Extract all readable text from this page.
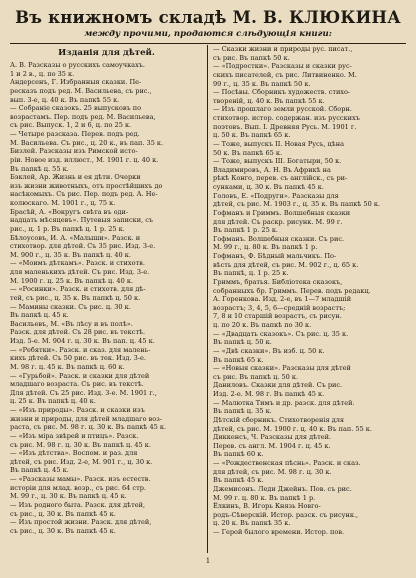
Въ книжномъ складѣ М. В. КЛЮКИНА
между прочими, продаются слѣдующія книги:
Изданія для дѣтей.
А. В. Разсказы о русскихъ самоучкахъ.
1 и 2 в., ц. по 35 к.
Андерсенъ, Г. Избранныя сказки. Пе-
ресказъ подъ ред. М. Васильева, съ рис.,
вып. 3-е, ц. 40 к. Въ папкѣ 55 к.
— Собраніе сказокъ. 25 выпусковъ по
возрастамъ. Пер. подъ ред. М. Васильева,
съ рис. Выпуск. 1, 2 и 6, ц. по 25 к.
— Четыре разсказа. Перев. подъ ред.
М. Васильева. Съ рис., ц. 20 к., въ пап. 35 к.
Бизлей. Разсказы изъ Римской исто-
ріи. Новое изд. иллюст., М. 1901 г. ц. 40 к.
Въ папкѣ ц. 55 к.
Бэклей, Ар. Жизнь и ея дѣти. Очерки
изъ жизни животныхъ, отъ простѣйшихъ до
насѣкомыхъ. Съ рис. Пер. подъ ред. А. Не-
колюскаго. М. 1901 г., ц. 75 к.
Брасѣй, А. «Вокругъ свѣта въ оди-
надцать мѣсяцевъ». Путевыя записки, съ
рис., ц. 1 р. Въ папкѣ ц. 1 р. 25 к.
Бѣлоусовъ, И. А. «Малыши». Разск. и
стихотвор. для дѣтей. Съ 35 рис. Изд. 3-е.
М. 900 г., ц. 35 к. Въ папкѣ ц. 40 к.
— «Моимъ дѣткамъ». Разск. и стихотв.
для маленькихъ дѣтей. Съ рис. Изд. 3-е.
М. 1900 г. ц. 25 к. Въ папкѣ ц. 40 к.
— «Росинки». Разск. и стихотв. для дѣ-
тей, съ рис., ц. 35 к. Въ папкѣ ц. 50 к.
— Мамины сказки. Съ рис. ц. 30 к.
Въ папкѣ ц. 45 к.
Васильевъ, М. «Въ лѣсу и въ полѣ».
Разск. для дѣтей. Съ 28 рис. въ текстѣ.
Изд. 5-е. М. 904 г. ц. 30 к. Въ пап. ц. 45 к.
— «Ребятки». Разск. и сказ. для малень-
кихъ дѣтей. Съ 50 рис. въ тек. Изд. 3-е.
М. 98 г. ц. 45 к. Въ папкѣ ц. 60 к.
— «Гурьбой». Разск. и сказки для дѣтей
младшаго возраста. Съ рис. въ текстѣ.
Для дѣтей. Съ 25 рис. Изд. 3-е. М. 1901 г.,
ц. 25 к. Въ папкѣ ц. 40 к.
— «Изъ природы». Разск. и сказки изъ
жизни и природы, для дѣтей младшаго воз-
раста, съ рис. М. 98 г. ц. 30 к. Въ папкѣ 45 к.
— «Изъ міра звѣрей и птицъ». Разск.
съ рис. М. 98 г. ц. 30 к. Въ папкѣ ц. 45 к.
— «Изъ дѣтства». Воспом. и раз. для
дѣтей, съ рис. Изд. 2-е, М. 901 г., ц. 30 к.
Въ папкѣ ц. 45 к.
— «Разсказы мамы». Разск. изъ естеств.
исторіи для млад. возр., съ рис. 64 стр.
М. 99 г., ц. 30 к. Въ папкѣ ц. 45 к.
— Изъ родного быта. Разск. для дѣтей,
съ рис., ц. 30 к. Въ папкѣ 45 к.
— Изъ простой жизни. Разск. для дѣтей,
съ рис., ц. 30 к. Въ папкѣ 45 к.
— Сказки жизни и природы рус. писат.,
съ рис. Въ папкѣ 50 к.
— «Подростки». Разсказы и сказки рус-
скихъ писателей, съ рис. Литвиненко. М.
99 г., ц. 35 к. Въ папкѣ 50 к.
— Посѣвы. Сборникъ художеств. стихо-
твореній, ц. 40 к. Въ папкѣ 55 к.
— Изъ прошлаго земли русской. Сборн.
стихотвор. истор. содержан. изъ русскихъ
поэтовъ. Вып. I. Древняя Русь. М. 1901 г.
ц. 50 к. Въ папкѣ 65 к.
— Тоже, выпускъ II. Новая Русь, цѣна
50 к. Въ папкѣ 65 к.
— Тоже, выпускъ III. Богатыри, 50 к.
Владимировъ, А. Н. Въ Африкѣ на
рѣкѣ Конго, перев. съ англійск., съ ри-
сунками, ц. 30 к. Въ папкѣ 45 к.
Головъ, Е. «Подруги». Разсказы для
дѣтей, съ рис. М. 1903 г., ц. 35 к. Въ папкѣ 50 к.
Гофманъ и Гриммъ. Волшебныя сказки
для дѣтей. Съ раскр. рисунк. М. 99 г.
Въ папкѣ 1 р. 25 к.
Гофманъ. Волшебныя сказки. Съ рис.
М. 99 г., ц. 80 к. Въ папкѣ 1 р.
Гофманъ, Ф. Бѣдный мальчикъ. По-
вѣсть для дѣтей, съ рис. М. 902 г., ц. 65 к.
Въ папкѣ, ц. 1 р. 25 к.
Гриммъ, братья. Библіотека сказокъ,
собранныхъ бр. Гриммъ. Перев. подъ редакц.
А. Горенкова. Изд. 2-е, въ 1—7 младшій
возрастъ; 3, 4, 5, 6—средній возрастъ;
7, 8 и 10 старшій возрастъ, съ рисун.
ц. по 20 к. Въ папкѣ по 30 к.
— «Двадцать сказокъ». Съ рис. ц. 35 к.
Въ папкѣ ц. 50 к.
— «Двѣ сказки». Въ изб. ц. 50 к.
Въ папкѣ 65 к.
— «Новыя сказки». Разсказы для дѣтей
съ рис. Въ папкѣ ц. 50 к.
Даниловъ. Сказки для дѣтей. Съ рис.
Изд. 2-е. М. 98 г. Въ папкѣ 45 к.
— Малютка Тимъ и др. разск. для дѣтей.
Въ папкѣ ц. 35 к.
Дѣтскій сборникъ. Стихотворенія для
дѣтей, съ рис. М. 1900 г. ц. 40 к. Въ пап. 55 к.
Диккенсъ, Ч. Разсказы для дѣтей.
Перев. съ англ. М. 1904 г. ц. 45 к.
Въ папкѣ 60 к.
— «Рождественская пѣснь». Разск. и сказ.
для дѣтей, съ рис. М. 98 г. ц. 30 к.
Въ папкѣ 45 к.
Джемисонъ. Леди Джейнъ. Пов. съ рис.
М. 99 г. ц. 80 к. Въ папкѣ 1 р.
Ёлкинъ, В. Игорь Князь Новго-
родъ-Сѣверскій. Истор. разск. съ рисунк.,
ц. 20 к. Въ папкѣ 35 к.
— Герой былого времени. Истор. пов.
1
